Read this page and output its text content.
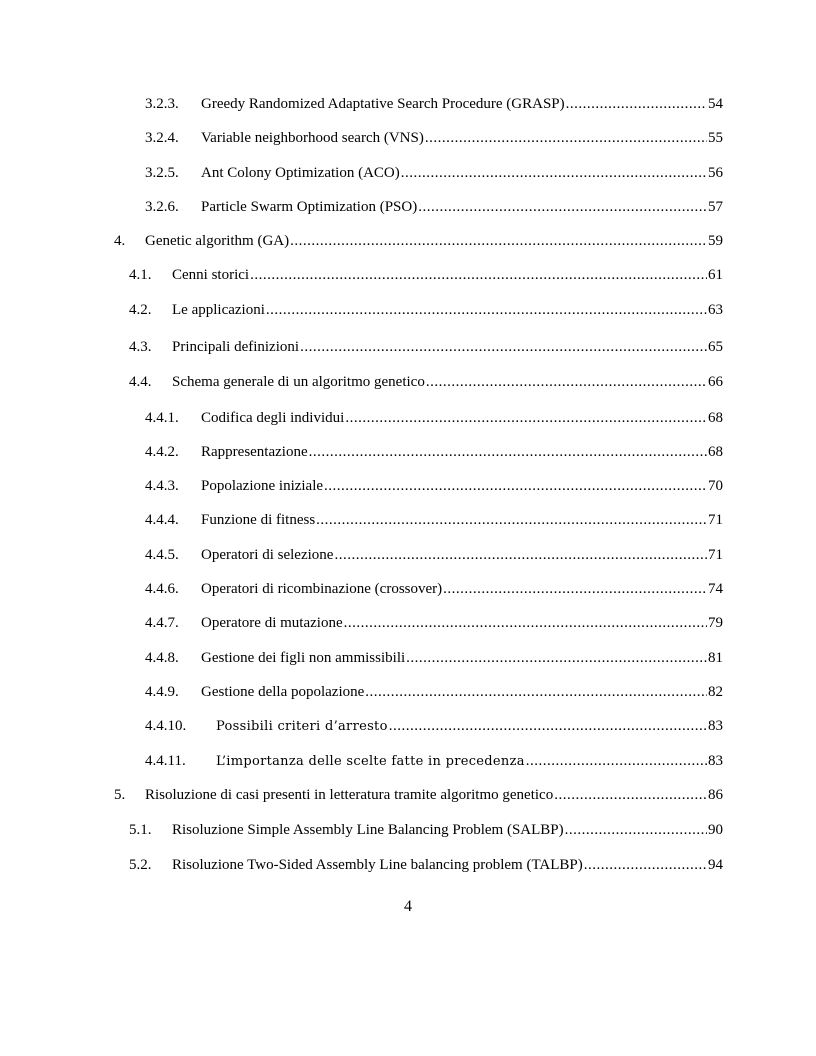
3.2.3. Greedy Randomized Adaptative Search Procedure (GRASP) .....	54
3.2.4. Variable neighborhood search (VNS) .....	55
3.2.5. Ant Colony Optimization (ACO) .....	56
3.2.6. Particle Swarm Optimization (PSO) .....	57
4. Genetic algorithm (GA) .....	59
4.1. Cenni storici .....	61
4.2. Le applicazioni .....	63
4.3. Principali definizioni .....	65
4.4. Schema generale di un algoritmo genetico .....	66
4.4.1. Codifica degli individui .....	68
4.4.2. Rappresentazione .....	68
4.4.3. Popolazione iniziale .....	70
4.4.4. Funzione di fitness .....	71
4.4.5. Operatori di selezione .....	71
4.4.6. Operatori di ricombinazione (crossover) .....	74
4.4.7. Operatore di mutazione .....	79
4.4.8. Gestione dei figli non ammissibili .....	81
4.4.9. Gestione della popolazione .....	82
4.4.10. Possibili criteri d’arresto .....	83
4.4.11. L’importanza delle scelte fatte in precedenza .....	83
5. Risoluzione di casi presenti in letteratura tramite algoritmo genetico .....	86
5.1. Risoluzione Simple Assembly Line Balancing Problem (SALBP) .....	90
5.2. Risoluzione Two-Sided Assembly Line balancing problem (TALBP) .....	94
4
